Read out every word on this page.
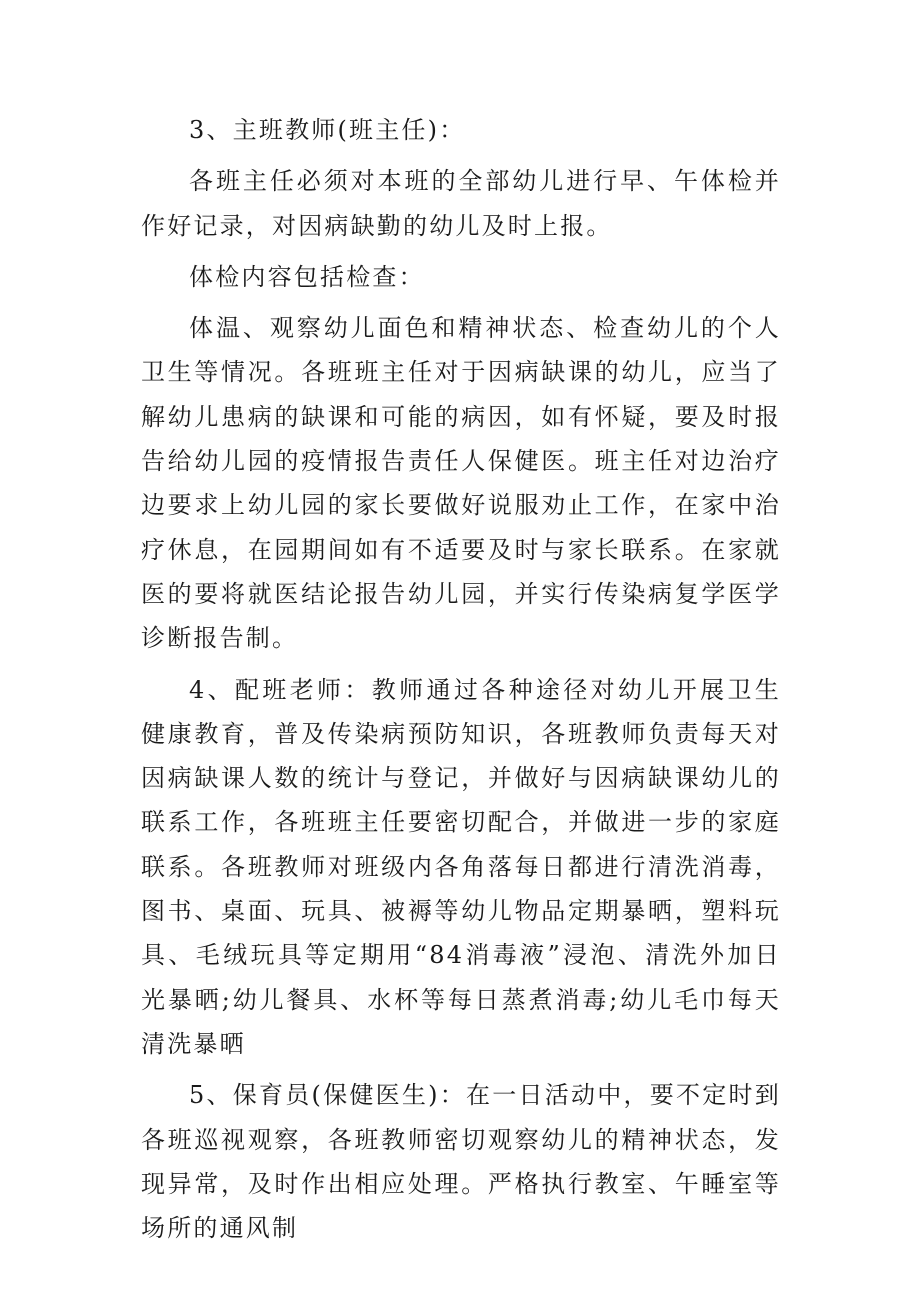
3、主班教师(班主任)：

各班主任必须对本班的全部幼儿进行早、午体检并作好记录，对因病缺勤的幼儿及时上报。

体检内容包括检查：

体温、观察幼儿面色和精神状态、检查幼儿的个人卫生等情况。各班班主任对于因病缺课的幼儿，应当了解幼儿患病的缺课和可能的病因，如有怀疑，要及时报告给幼儿园的疫情报告责任人保健医。班主任对边治疗边要求上幼儿园的家长要做好说服劝止工作，在家中治疗休息，在园期间如有不适要及时与家长联系。在家就医的要将就医结论报告幼儿园，并实行传染病复学医学诊断报告制。

4、配班老师：教师通过各种途径对幼儿开展卫生健康教育，普及传染病预防知识，各班教师负责每天对因病缺课人数的统计与登记，并做好与因病缺课幼儿的联系工作，各班班主任要密切配合，并做进一步的家庭联系。各班教师对班级内各角落每日都进行清洗消毒，图书、桌面、玩具、被褥等幼儿物品定期暴晒，塑料玩具、毛绒玩具等定期用“84消毒液”浸泡、清洗外加日光暴晒;幼儿餐具、水杯等每日蒸煮消毒;幼儿毛巾每天清洗暴晒

5、保育员(保健医生)：在一日活动中，要不定时到各班巡视观察，各班教师密切观察幼儿的精神状态，发现异常，及时作出相应处理。严格执行教室、午睡室等场所的通风制
